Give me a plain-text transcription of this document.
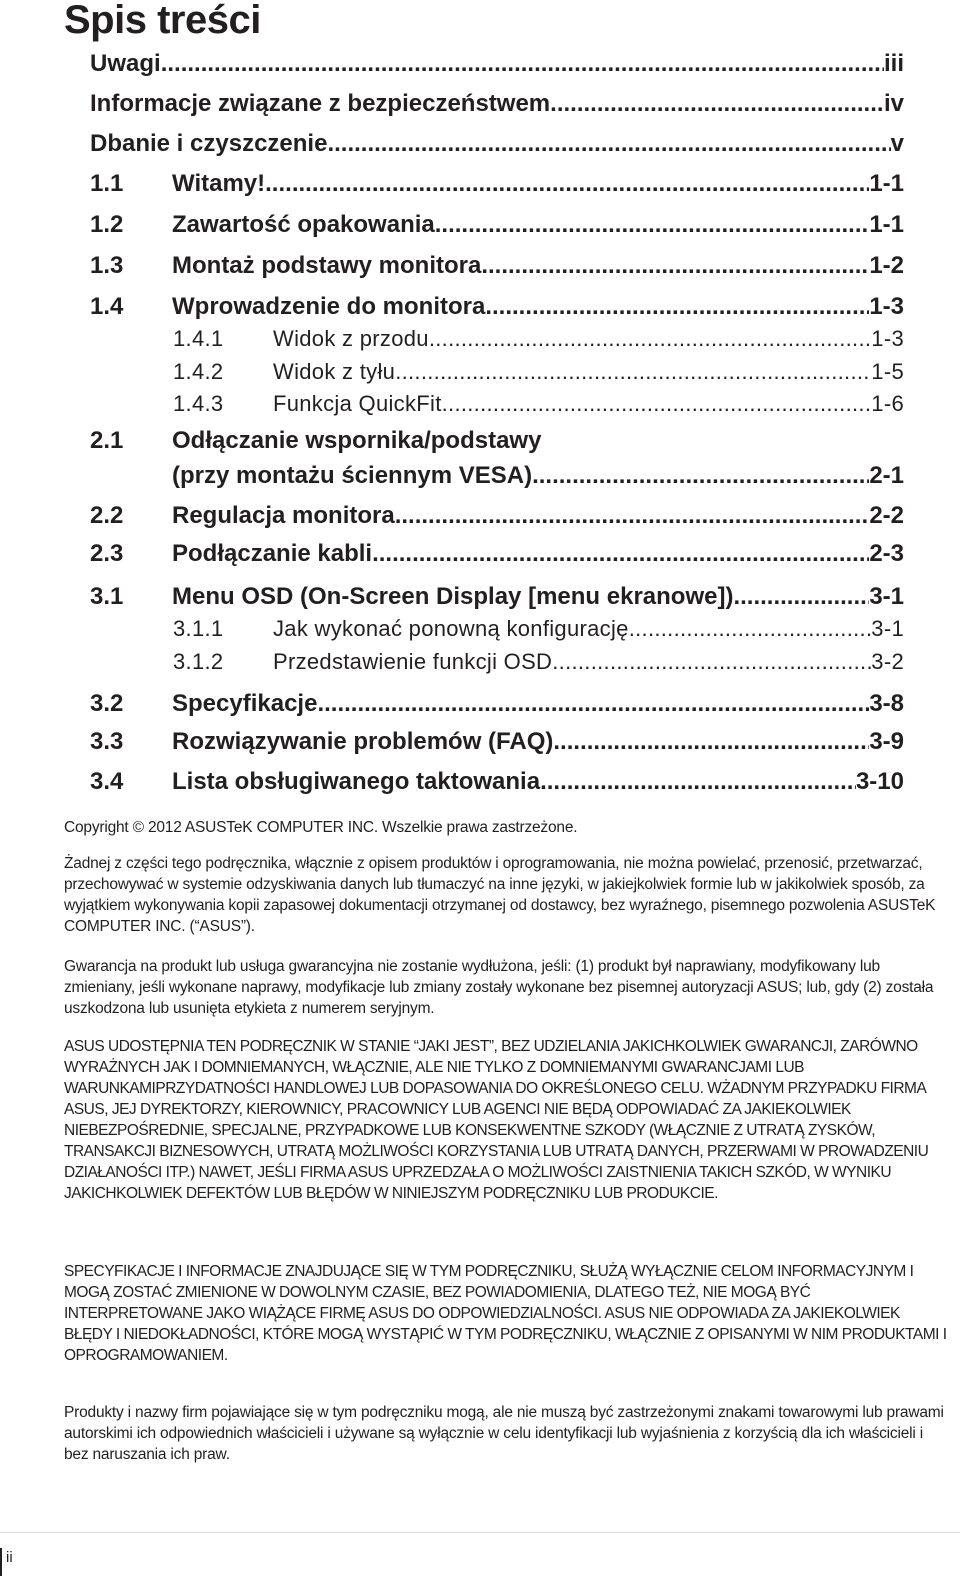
Spis treści
Uwagi .....	iii
Informacje związane z bezpieczeństwem .....	iv
Dbanie i czyszczenie .....	v
1.1	Witamy! .....	1-1
1.2	Zawartość opakowania .....	1-1
1.3	Montaż podstawy monitora .....	1-2
1.4	Wprowadzenie do monitora .....	1-3
1.4.1	Widok z przodu .....	1-3
1.4.2	Widok z tyłu .....	1-5
1.4.3	Funkcja QuickFit .....	1-6
2.1	Odłączanie wspornika/podstawy
(przy montażu ściennym VESA) .....	2-1
2.2	Regulacja monitora .....	2-2
2.3	Podłączanie kabli .....	2-3
3.1	Menu OSD (On-Screen Display [menu ekranowe]) .....	3-1
3.1.1	Jak wykonać ponowną konfigurację .....	3-1
3.1.2	Przedstawienie funkcji OSD .....	3-2
3.2	Specyfikacje .....	3-8
3.3	Rozwiązywanie problemów (FAQ) .....	3-9
3.4	Lista obsługiwanego taktowania .....	3-10

Copyright © 2012 ASUSTeK COMPUTER INC. Wszelkie prawa zastrzeżone.

Żadnej z części tego podręcznika, włącznie z opisem produktów i oprogramowania, nie można powielać, przenosić, przetwarzać, przechowywać w systemie odzyskiwania danych lub tłumaczyć na inne języki, w jakiejkolwiek formie lub w jakikolwiek sposób, za wyjątkiem wykonywania kopii zapasowej dokumentacji otrzymanej od dostawcy, bez wyraźnego, pisemnego pozwolenia ASUSTeK COMPUTER INC. (“ASUS”).

Gwarancja na produkt lub usługa gwarancyjna nie zostanie wydłużona, jeśli: (1) produkt był naprawiany, modyfikowany lub zmieniany, jeśli wykonane naprawy, modyfikacje lub zmiany zostały wykonane bez pisemnej autoryzacji ASUS; lub, gdy (2) została uszkodzona lub usunięta etykieta z numerem seryjnym.

ASUS UDOSTĘPNIA TEN PODRĘCZNIK W STANIE “JAKI JEST”, BEZ UDZIELANIA JAKICHKOLWIEK GWARANCJI, ZARÓWNO WYRAŻNYCH JAK I DOMNIEMANYCH, WŁĄCZNIE, ALE NIE TYLKO Z DOMNIEMANYMI GWARANCJAMI LUB WARUNKAMIPRZYDATNOŚCI HANDLOWEJ LUB DOPASOWANIA DO OKREŚLONEGO CELU. WŻADNYM PRZYPADKU FIRMA ASUS, JEJ DYREKTORZY, KIEROWNICY, PRACOWNICY LUB AGENCI NIE BĘDĄ ODPOWIADAĆ ZA JAKIEKOLWIEK NIEBEZPOŚREDNIE, SPECJALNE, PRZYPADKOWE LUB KONSEKWENTNE SZKODY (WŁĄCZNIE Z UTRATĄ ZYSKÓW, TRANSAKCJI BIZNESOWYCH, UTRATĄ MOŻLIWOŚCI KORZYSTANIA LUB UTRATĄ DANYCH, PRZERWAMI W PROWADZENIU DZIAŁANOŚCI ITP.) NAWET, JEŚLI FIRMA ASUS UPRZEDZAŁA O MOŻLIWOŚCI ZAISTNIENIA TAKICH SZKÓD, W WYNIKU JAKICHKOLWIEK DEFEKTÓW LUB BŁĘDÓW W NINIEJSZYM PODRĘCZNIKU LUB PRODUKCIE.

SPECYFIKACJE I INFORMACJE ZNAJDUJĄCE SIĘ W TYM PODRĘCZNIKU, SŁUŻĄ WYŁĄCZNIE CELOM INFORMACYJNYM I MOGĄ ZOSTAĆ ZMIENIONE W DOWOLNYM CZASIE, BEZ POWIADOMIENIA, DLATEGO TEŻ, NIE MOGĄ BYĆ INTERPRETOWANE JAKO WIĄŻĄCE FIRMĘ ASUS DO ODPOWIEDZIALNOŚCI. ASUS NIE ODPOWIADA ZA JAKIEKOLWIEK BŁĘDY I NIEDOKŁADNOŚCI, KTÓRE MOGĄ WYSTĄPIĆ W TYM PODRĘCZNIKU, WŁĄCZNIE Z OPISANYMI W NIM PRODUKTAMI I OPROGRAMOWANIEM.

Produkty i nazwy firm pojawiające się w tym podręczniku mogą, ale nie muszą być zastrzeżonymi znakami towarowymi lub prawami autorskimi ich odpowiednich właścicieli i używane są wyłącznie w celu identyfikacji lub wyjaśnienia z korzyścią dla ich właścicieli i bez naruszania ich praw.

ii
